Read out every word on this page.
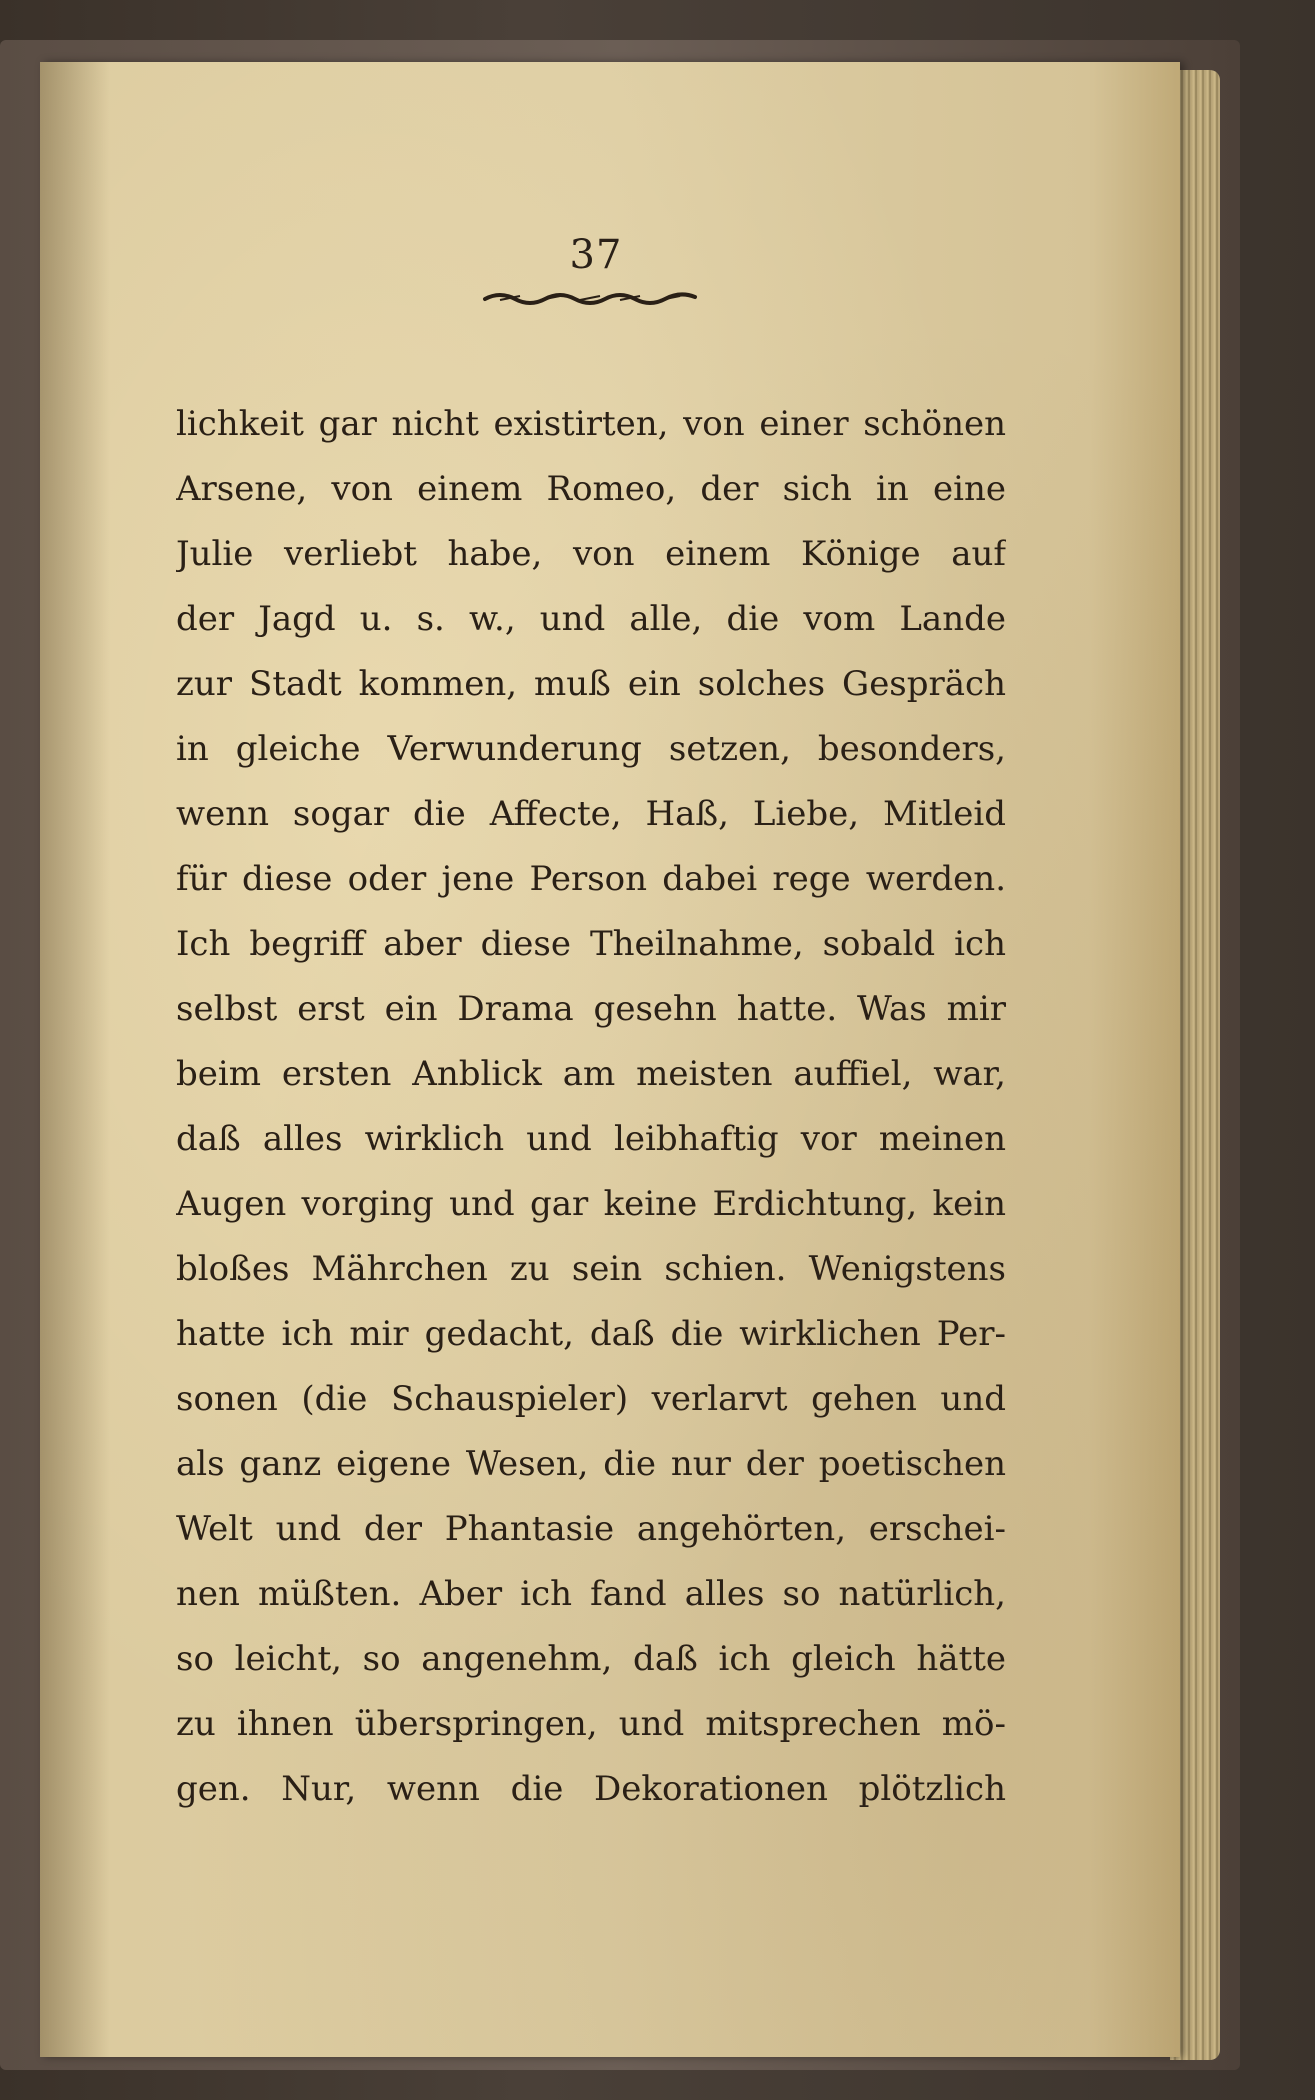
37
lichkeit gar nicht existirten, von einer schönen
Arsene, von einem Romeo, der sich in eine
Julie verliebt habe, von einem Könige auf
der Jagd u. s. w., und alle, die vom Lande
zur Stadt kommen, muß ein solches Gespräch
in gleiche Verwunderung setzen, besonders,
wenn sogar die Affecte, Haß, Liebe, Mitleid
für diese oder jene Person dabei rege werden.
Ich begriff aber diese Theilnahme, sobald ich
selbst erst ein Drama gesehn hatte. Was mir
beim ersten Anblick am meisten auffiel, war,
daß alles wirklich und leibhaftig vor meinen
Augen vorging und gar keine Erdichtung, kein
bloßes Mährchen zu sein schien. Wenigstens
hatte ich mir gedacht, daß die wirklichen Per-
sonen (die Schauspieler) verlarvt gehen und
als ganz eigene Wesen, die nur der poetischen
Welt und der Phantasie angehörten, erschei-
nen müßten. Aber ich fand alles so natürlich,
so leicht, so angenehm, daß ich gleich hätte
zu ihnen überspringen, und mitsprechen mö-
gen. Nur, wenn die Dekorationen plötzlich
